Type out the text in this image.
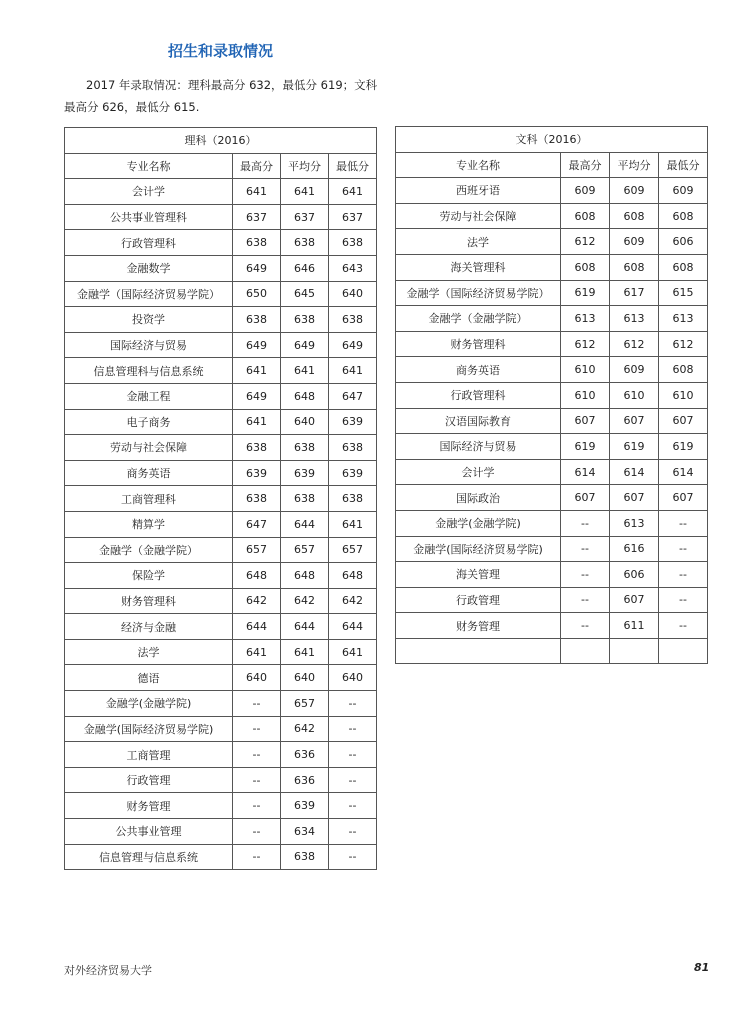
招生和录取情况

2017 年录取情况：理科最高分 632，最低分 619；文科最高分 626，最低分 615.

理科（2016）			
专业名称	最高分	平均分	最低分
会计学	641	641	641
公共事业管理科	637	637	637
行政管理科	638	638	638
金融数学	649	646	643
金融学（国际经济贸易学院）	650	645	640
投资学	638	638	638
国际经济与贸易	649	649	649
信息管理科与信息系统	641	641	641
金融工程	649	648	647
电子商务	641	640	639
劳动与社会保障	638	638	638
商务英语	639	639	639
工商管理科	638	638	638
精算学	647	644	641
金融学（金融学院）	657	657	657
保险学	648	648	648
财务管理科	642	642	642
经济与金融	644	644	644
法学	641	641	641
德语	640	640	640
金融学(金融学院)	--	657	--
金融学(国际经济贸易学院)	--	642	--
工商管理	--	636	--
行政管理	--	636	--
财务管理	--	639	--
公共事业管理	--	634	--
信息管理与信息系统	--	638	--
文科（2016）			
专业名称	最高分	平均分	最低分
西班牙语	609	609	609
劳动与社会保障	608	608	608
法学	612	609	606
海关管理科	608	608	608
金融学（国际经济贸易学院）	619	617	615
金融学（金融学院）	613	613	613
财务管理科	612	612	612
商务英语	610	609	608
行政管理科	610	610	610
汉语国际教育	607	607	607
国际经济与贸易	619	619	619
会计学	614	614	614
国际政治	607	607	607
金融学(金融学院)	--	613	--
金融学(国际经济贸易学院)	--	616	--
海关管理	--	606	--
行政管理	--	607	--
财务管理	--	611	--

对外经济贸易大学	81
